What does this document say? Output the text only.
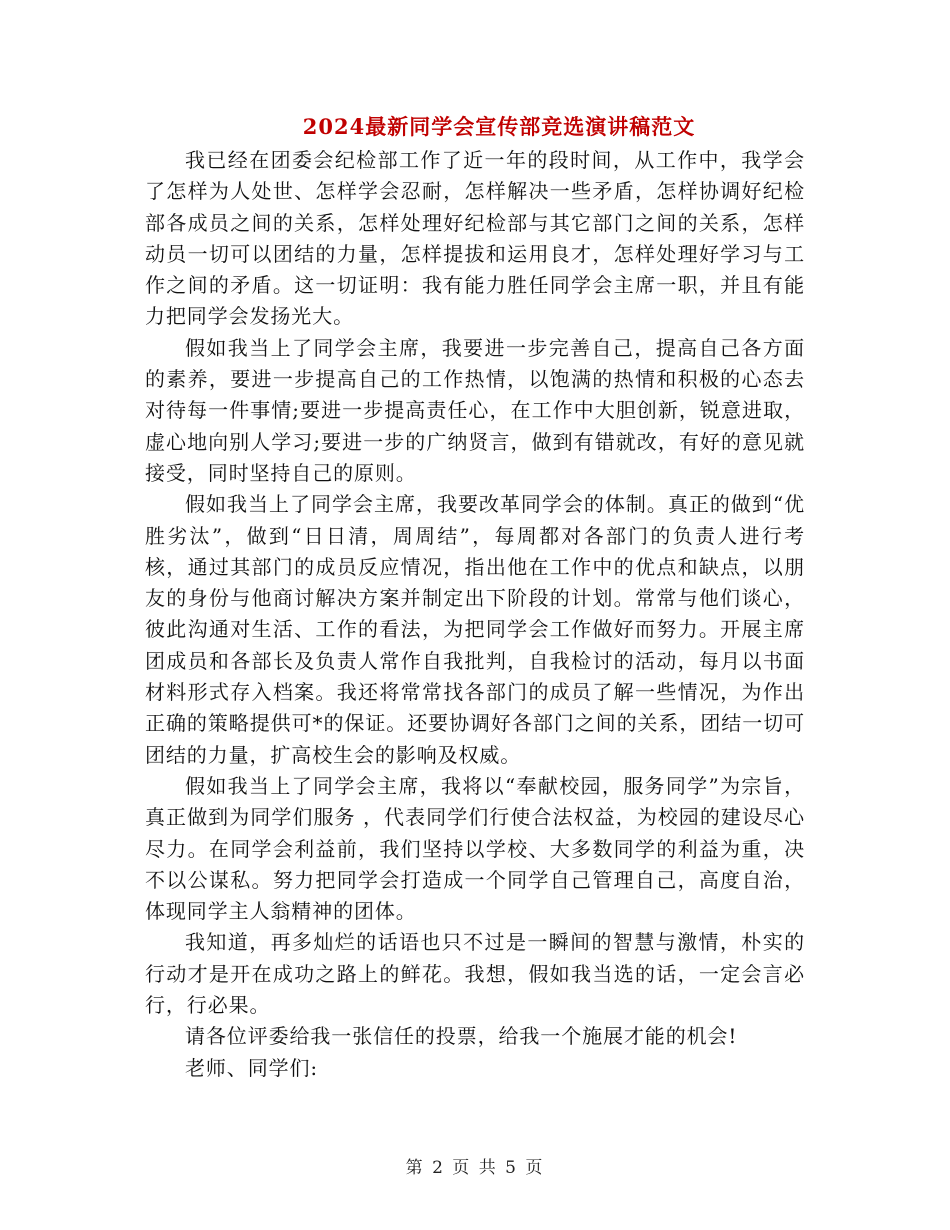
2024最新同学会宣传部竞选演讲稿范文

我已经在团委会纪检部工作了近一年的段时间，从工作中，我学会了怎样为人处世、怎样学会忍耐，怎样解决一些矛盾，怎样协调好纪检部各成员之间的关系，怎样处理好纪检部与其它部门之间的关系，怎样动员一切可以团结的力量，怎样提拔和运用良才，怎样处理好学习与工作之间的矛盾。这一切证明：我有能力胜任同学会主席一职，并且有能力把同学会发扬光大。

假如我当上了同学会主席，我要进一步完善自己，提高自己各方面的素养，要进一步提高自己的工作热情，以饱满的热情和积极的心态去对待每一件事情;要进一步提高责任心，在工作中大胆创新，锐意进取，虚心地向别人学习;要进一步的广纳贤言，做到有错就改，有好的意见就接受，同时坚持自己的原则。

假如我当上了同学会主席，我要改革同学会的体制。真正的做到“优胜劣汰”，做到“日日清，周周结”，每周都对各部门的负责人进行考核，通过其部门的成员反应情况，指出他在工作中的优点和缺点，以朋友的身份与他商讨解决方案并制定出下阶段的计划。常常与他们谈心，彼此沟通对生活、工作的看法，为把同学会工作做好而努力。开展主席团成员和各部长及负责人常作自我批判，自我检讨的活动，每月以书面材料形式存入档案。我还将常常找各部门的成员了解一些情况，为作出正确的策略提供可*的保证。还要协调好各部门之间的关系，团结一切可团结的力量，扩高校生会的影响及权威。

假如我当上了同学会主席，我将以“奉献校园，服务同学”为宗旨，真正做到为同学们服务 ，代表同学们行使合法权益，为校园的建设尽心尽力。在同学会利益前，我们坚持以学校、大多数同学的利益为重，决不以公谋私。努力把同学会打造成一个同学自己管理自己，高度自治，体现同学主人翁精神的团体。

我知道，再多灿烂的话语也只不过是一瞬间的智慧与激情，朴实的行动才是开在成功之路上的鲜花。我想，假如我当选的话，一定会言必行，行必果。

请各位评委给我一张信任的投票，给我一个施展才能的机会!

老师、同学们:

第 2 页 共 5 页
